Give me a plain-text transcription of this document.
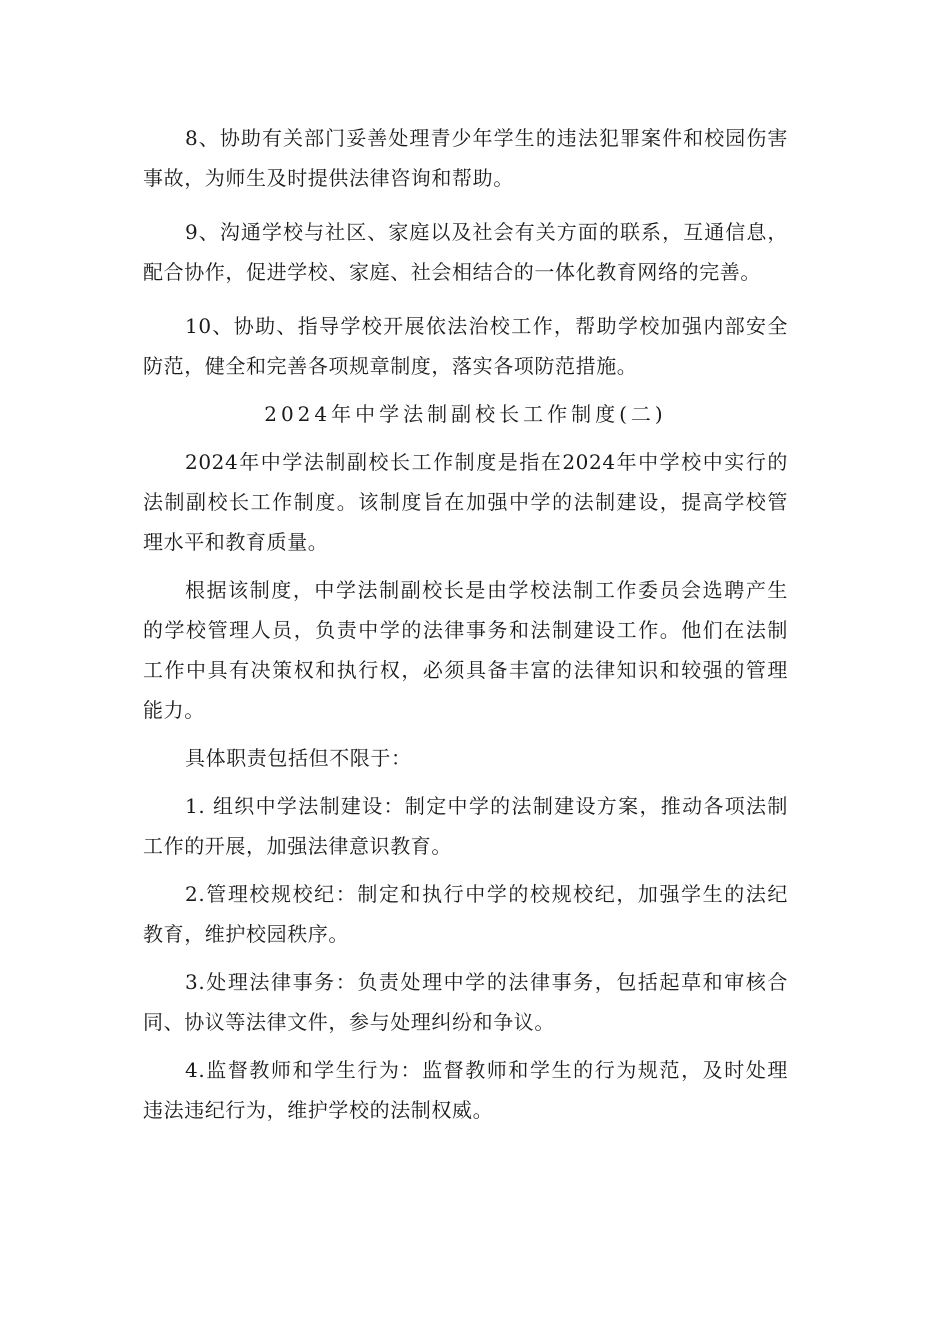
8、协助有关部门妥善处理青少年学生的违法犯罪案件和校园伤害  事故，为师生及时提供法律咨询和帮助。

9、沟通学校与社区、家庭以及社会有关方面的联系，互通信息，  配合协作，促进学校、家庭、社会相结合的一体化教育网络的完善。

10、协助、指导学校开展依法治校工作，帮助学校加强内部安全  防范，健全和完善各项规章制度，落实各项防范措施。

2024年中学法制副校长工作制度(二)

2024年中学法制副校长工作制度是指在2024年中学校中实行的  法制副校长工作制度。该制度旨在加强中学的法制建设，提高学校管  理水平和教育质量。

根据该制度，中学法制副校长是由学校法制工作委员会选聘产生  的学校管理人员，负责中学的法律事务和法制建设工作。他们在法制  工作中具有决策权和执行权，必须具备丰富的法律知识和较强的管理  能力。

具体职责包括但不限于：

1. 组织中学法制建设：制定中学的法制建设方案，推动各项法制  工作的开展，加强法律意识教育。

2.管理校规校纪：制定和执行中学的校规校纪，加强学生的法纪  教育，维护校园秩序。

3.处理法律事务：负责处理中学的法律事务，包括起草和审核合  同、协议等法律文件，参与处理纠纷和争议。

4.监督教师和学生行为：监督教师和学生的行为规范，及时处理  违法违纪行为，维护学校的法制权威。
